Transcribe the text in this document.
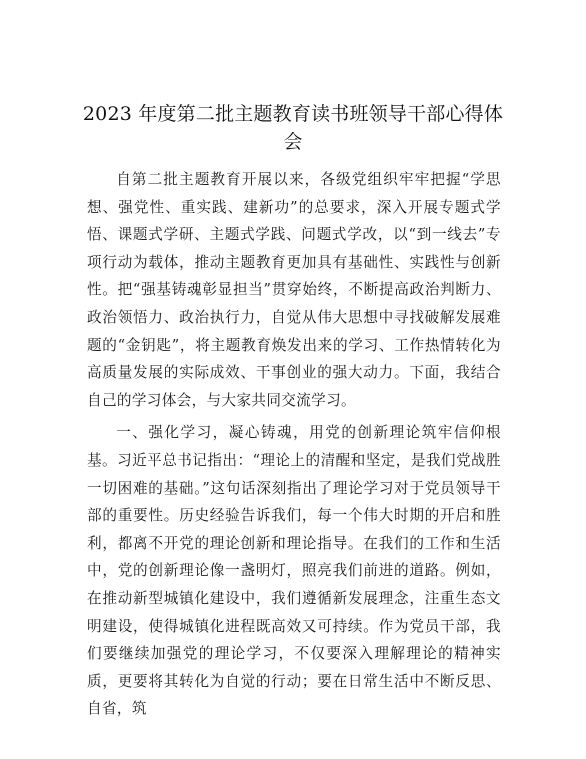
2023 年度第二批主题教育读书班领导干部心得体会

自第二批主题教育开展以来，各级党组织牢牢把握“学思想、强党性、重实践、建新功”的总要求，深入开展专题式学悟、课题式学研、主题式学践、问题式学改，以“到一线去”专项行动为载体，推动主题教育更加具有基础性、实践性与创新性。把“强基铸魂彰显担当”贯穿始终，不断提高政治判断力、政治领悟力、政治执行力，自觉从伟大思想中寻找破解发展难题的“金钥匙”，将主题教育焕发出来的学习、工作热情转化为高质量发展的实际成效、干事创业的强大动力。下面，我结合自己的学习体会，与大家共同交流学习。

一、强化学习，凝心铸魂，用党的创新理论筑牢信仰根基。习近平总书记指出：“理论上的清醒和坚定，是我们党战胜一切困难的基础。”这句话深刻指出了理论学习对于党员领导干部的重要性。历史经验告诉我们，每一个伟大时期的开启和胜利，都离不开党的理论创新和理论指导。在我们的工作和生活中，党的创新理论像一盏明灯，照亮我们前进的道路。例如，在推动新型城镇化建设中，我们遵循新发展理念，注重生态文明建设，使得城镇化进程既高效又可持续。作为党员干部，我们要继续加强党的理论学习，不仅要深入理解理论的精神实质，更要将其转化为自觉的行动；要在日常生活中不断反思、自省，筑
